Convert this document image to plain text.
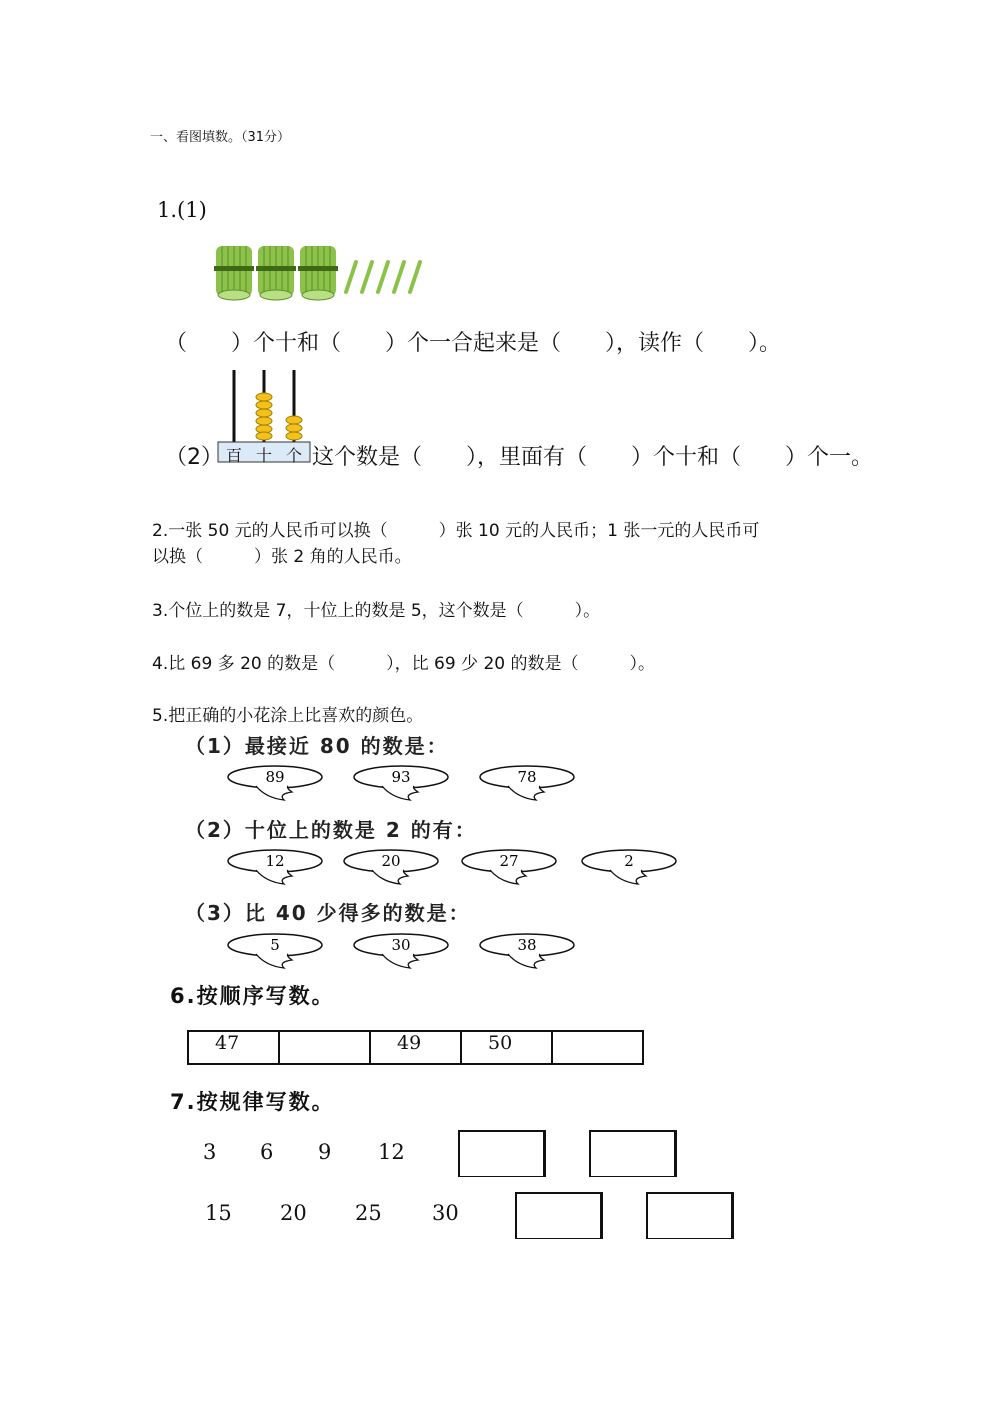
一、看图填数。（31分）
1.(1)
（　　）个十和（　　）个一合起来是（　　），读作（　　）。
百 十 个
（2）	这个数是（　　），里面有（　　）个十和（　　）个一。
2.一张 50 元的人民币可以换（　　　）张 10 元的人民币；1 张一元的人民币可
以换（　　　）张 2 角的人民币。
3.个位上的数是 7，十位上的数是 5，这个数是（　　　）。
4.比 69 多 20 的数是（　　　），比 69 少 20 的数是（　　　）。
5.把正确的小花涂上比喜欢的颜色。
（1）最接近 80 的数是：
（2）十位上的数是 2 的有：
（3）比 40 少得多的数是：
89	93	78
12	20	27	2
5	30	38
6.按顺序写数。
47		49	50	
7.按规律写数。
3 6 9 12
15 20 25 30
